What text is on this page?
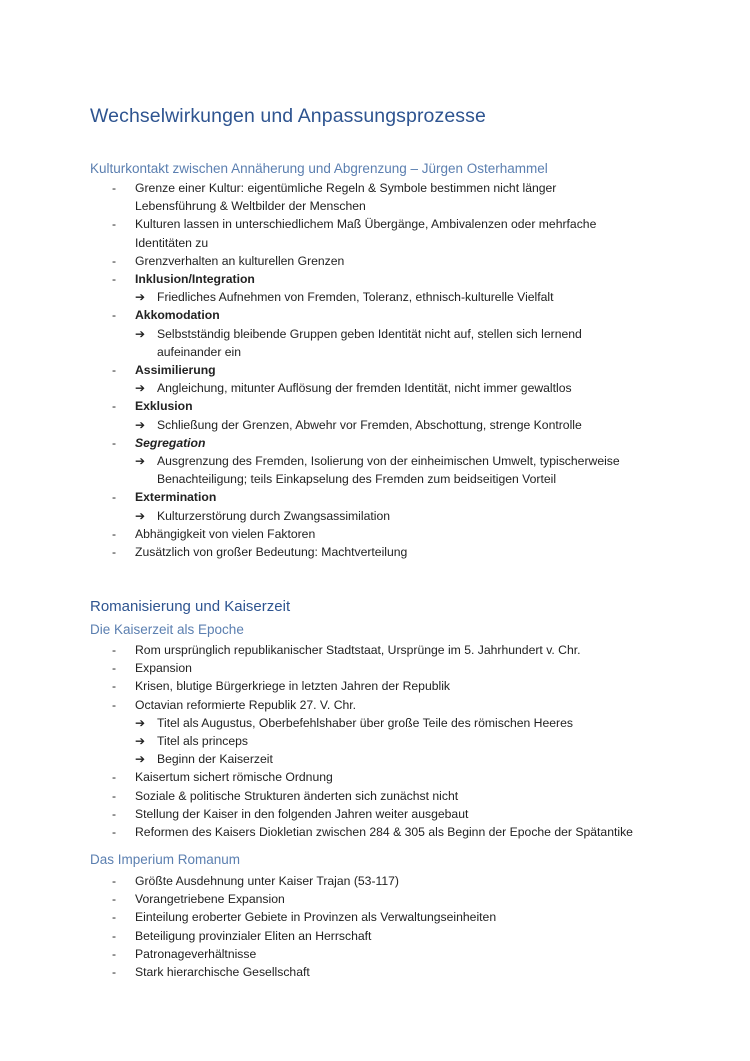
Wechselwirkungen und Anpassungsprozesse
Kulturkontakt zwischen Annäherung und Abgrenzung – Jürgen Osterhammel
- Grenze einer Kultur: eigentümliche Regeln & Symbole bestimmen nicht länger
Lebensführung & Weltbilder der Menschen
- Kulturen lassen in unterschiedlichem Maß Übergänge, Ambivalenzen oder mehrfache
Identitäten zu
- Grenzverhalten an kulturellen Grenzen
- Inklusion/Integration
➔ Friedliches Aufnehmen von Fremden, Toleranz, ethnisch-kulturelle Vielfalt
- Akkomodation
➔ Selbstständig bleibende Gruppen geben Identität nicht auf, stellen sich lernend
aufeinander ein
- Assimilierung
➔ Angleichung, mitunter Auflösung der fremden Identität, nicht immer gewaltlos
- Exklusion
➔ Schließung der Grenzen, Abwehr vor Fremden, Abschottung, strenge Kontrolle
- Segregation
➔ Ausgrenzung des Fremden, Isolierung von der einheimischen Umwelt, typischerweise
Benachteiligung; teils Einkapselung des Fremden zum beidseitigen Vorteil
- Extermination
➔ Kulturzerstörung durch Zwangsassimilation
- Abhängigkeit von vielen Faktoren
- Zusätzlich von großer Bedeutung: Machtverteilung
Romanisierung und Kaiserzeit
Die Kaiserzeit als Epoche
- Rom ursprünglich republikanischer Stadtstaat, Ursprünge im 5. Jahrhundert v. Chr.
- Expansion
- Krisen, blutige Bürgerkriege in letzten Jahren der Republik
- Octavian reformierte Republik 27. V. Chr.
➔ Titel als Augustus, Oberbefehlshaber über große Teile des römischen Heeres
➔ Titel als princeps
➔ Beginn der Kaiserzeit
- Kaisertum sichert römische Ordnung
- Soziale & politische Strukturen änderten sich zunächst nicht
- Stellung der Kaiser in den folgenden Jahren weiter ausgebaut
- Reformen des Kaisers Diokletian zwischen 284 & 305 als Beginn der Epoche der Spätantike
Das Imperium Romanum
- Größte Ausdehnung unter Kaiser Trajan (53-117)
- Vorangetriebene Expansion
- Einteilung eroberter Gebiete in Provinzen als Verwaltungseinheiten
- Beteiligung provinzialer Eliten an Herrschaft
- Patronageverhältnisse
- Stark hierarchische Gesellschaft
